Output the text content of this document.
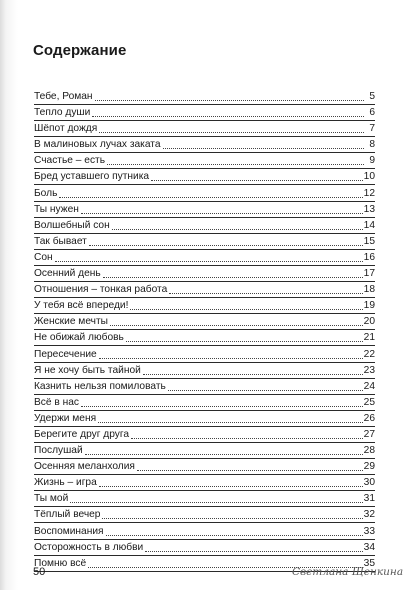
Содержание
Тебе, Роман	5
Тепло души	6
Шёпот дождя	7
В малиновых лучах заката	8
Счастье – есть	9
Бред уставшего путника	10
Боль	12
Ты нужен	13
Волшебный сон	14
Так бывает	15
Сон	16
Осенний день	17
Отношения – тонкая работа	18
У тебя всё впереди!	19
Женские мечты	20
Не обижай любовь	21
Пересечение	22
Я не хочу быть тайной	23
Казнить нельзя помиловать	24
Всё в нас	25
Удержи меня	26
Берегите друг друга	27
Послушай	28
Осенняя меланхолия	29
Жизнь – игра	30
Ты мой	31
Тёплый вечер	32
Воспоминания	33
Осторожность в любви	34
Помню всё	35
50	Светлана Щенкина
